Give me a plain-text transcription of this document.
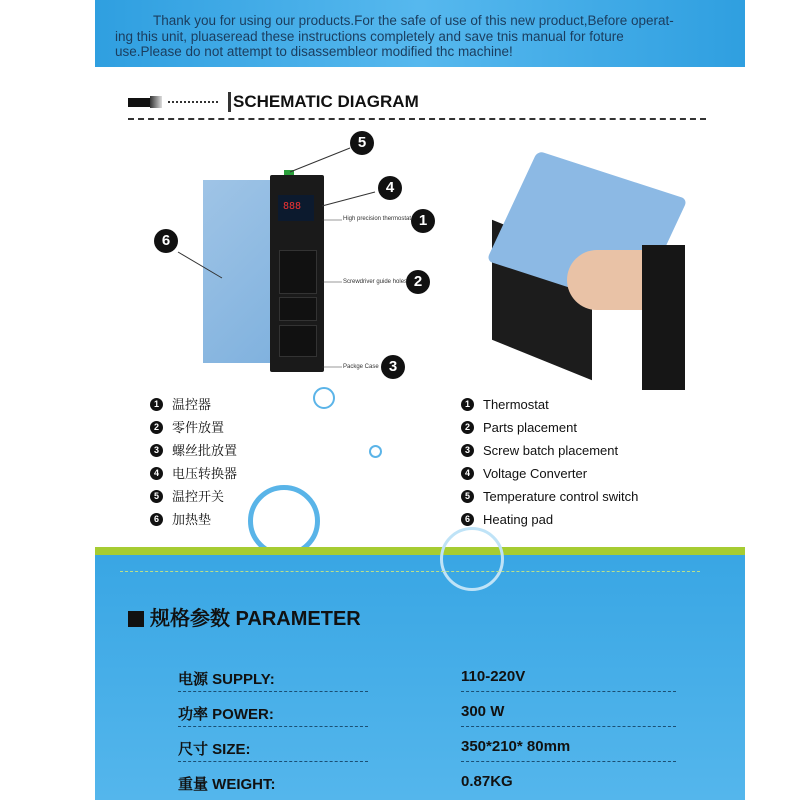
Thank you for using our products.For the safe of use of this new product,Before operat-
ing this unit, pluaseread these instructions completely and save tnis manual for foture
use.Please do not attempt to disassembleor modified thc machine!
SCHEMATIC DIAGRAM
888
5
4
1
2
3
6
High precision thermostat
Screwdriver guide holes
Packge Case
1	温控器
2	零件放置
3	螺丝批放置
4	电压转换器
5	温控开关
6	加热垫
1	Thermostat
2	Parts placement
3	Screw batch placement
4	Voltage Converter
5	Temperature control switch
6	Heating pad
规格参数 PARAMETER
电源 SUPPLY:	110-220V
功率 POWER:	300 W
尺寸 SIZE:	350*210* 80mm
重量 WEIGHT:	0.87KG
